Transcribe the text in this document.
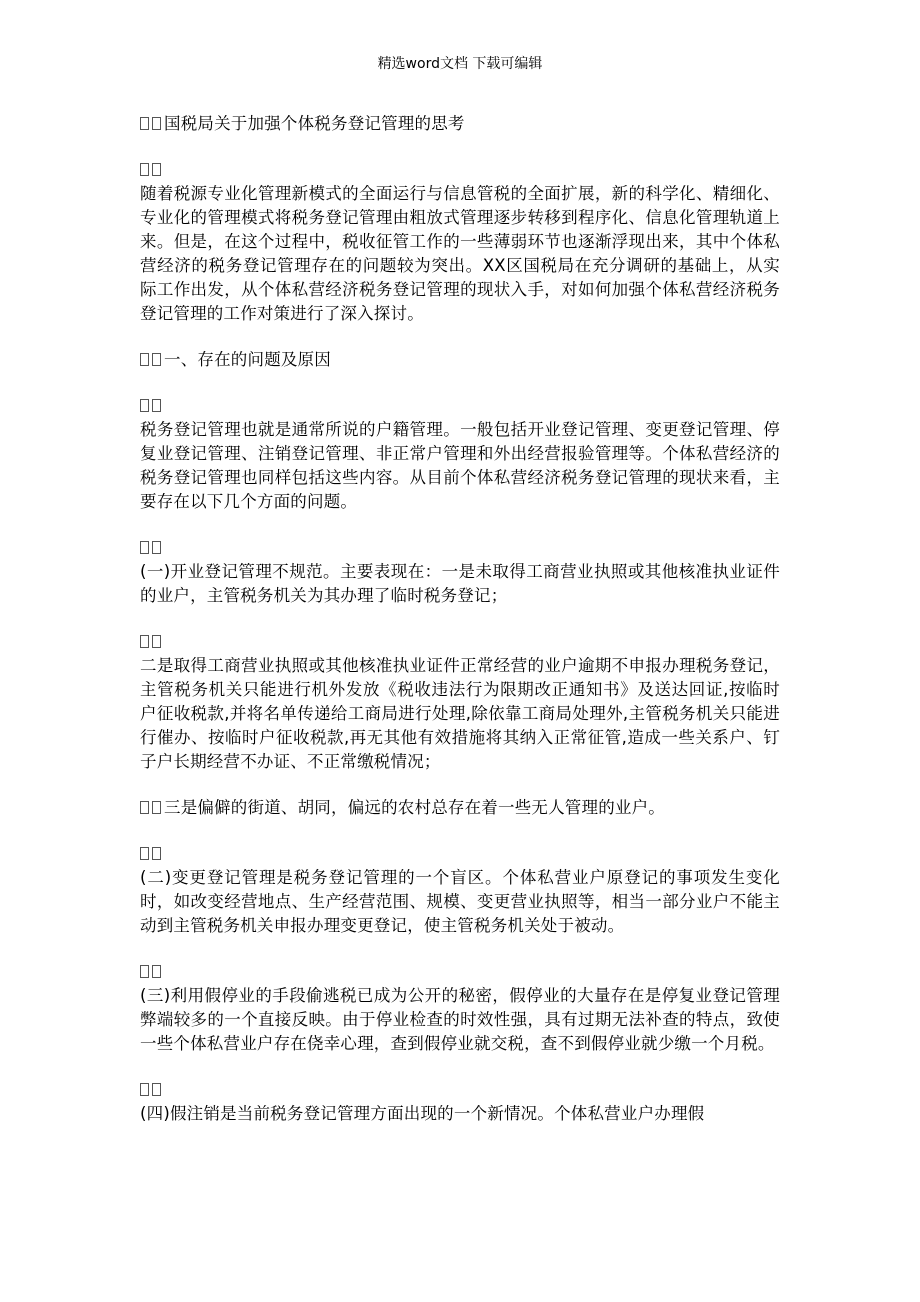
精选word文档 下载可编辑
国税局关于加强个体税务登记管理的思考

随着税源专业化管理新模式的全面运行与信息管税的全面扩展，新的科学化、精细化、专业化的管理模式将税务登记管理由粗放式管理逐步转移到程序化、信息化管理轨道上来。但是，在这个过程中，税收征管工作的一些薄弱环节也逐渐浮现出来，其中个体私营经济的税务登记管理存在的问题较为突出。XX区国税局在充分调研的基础上，从实际工作出发，从个体私营经济税务登记管理的现状入手，对如何加强个体私营经济税务登记管理的工作对策进行了深入探讨。

一、存在的问题及原因

税务登记管理也就是通常所说的户籍管理。一般包括开业登记管理、变更登记管理、停复业登记管理、注销登记管理、非正常户管理和外出经营报验管理等。个体私营经济的税务登记管理也同样包括这些内容。从目前个体私营经济税务登记管理的现状来看，主要存在以下几个方面的问题。

(一)开业登记管理不规范。主要表现在：一是未取得工商营业执照或其他核准执业证件的业户，主管税务机关为其办理了临时税务登记；

二是取得工商营业执照或其他核准执业证件正常经营的业户逾期不申报办理税务登记，主管税务机关只能进行机外发放《税收违法行为限期改正通知书》及送达回证,按临时户征收税款,并将名单传递给工商局进行处理,除依靠工商局处理外,主管税务机关只能进行催办、按临时户征收税款,再无其他有效措施将其纳入正常征管,造成一些关系户、钉子户长期经营不办证、不正常缴税情况；

三是偏僻的街道、胡同，偏远的农村总存在着一些无人管理的业户。

(二)变更登记管理是税务登记管理的一个盲区。个体私营业户原登记的事项发生变化时，如改变经营地点、生产经营范围、规模、变更营业执照等，相当一部分业户不能主动到主管税务机关申报办理变更登记，使主管税务机关处于被动。

(三)利用假停业的手段偷逃税已成为公开的秘密，假停业的大量存在是停复业登记管理弊端较多的一个直接反映。由于停业检查的时效性强，具有过期无法补查的特点，致使一些个体私营业户存在侥幸心理，查到假停业就交税，查不到假停业就少缴一个月税。

(四)假注销是当前税务登记管理方面出现的一个新情况。个体私营业户办理假
